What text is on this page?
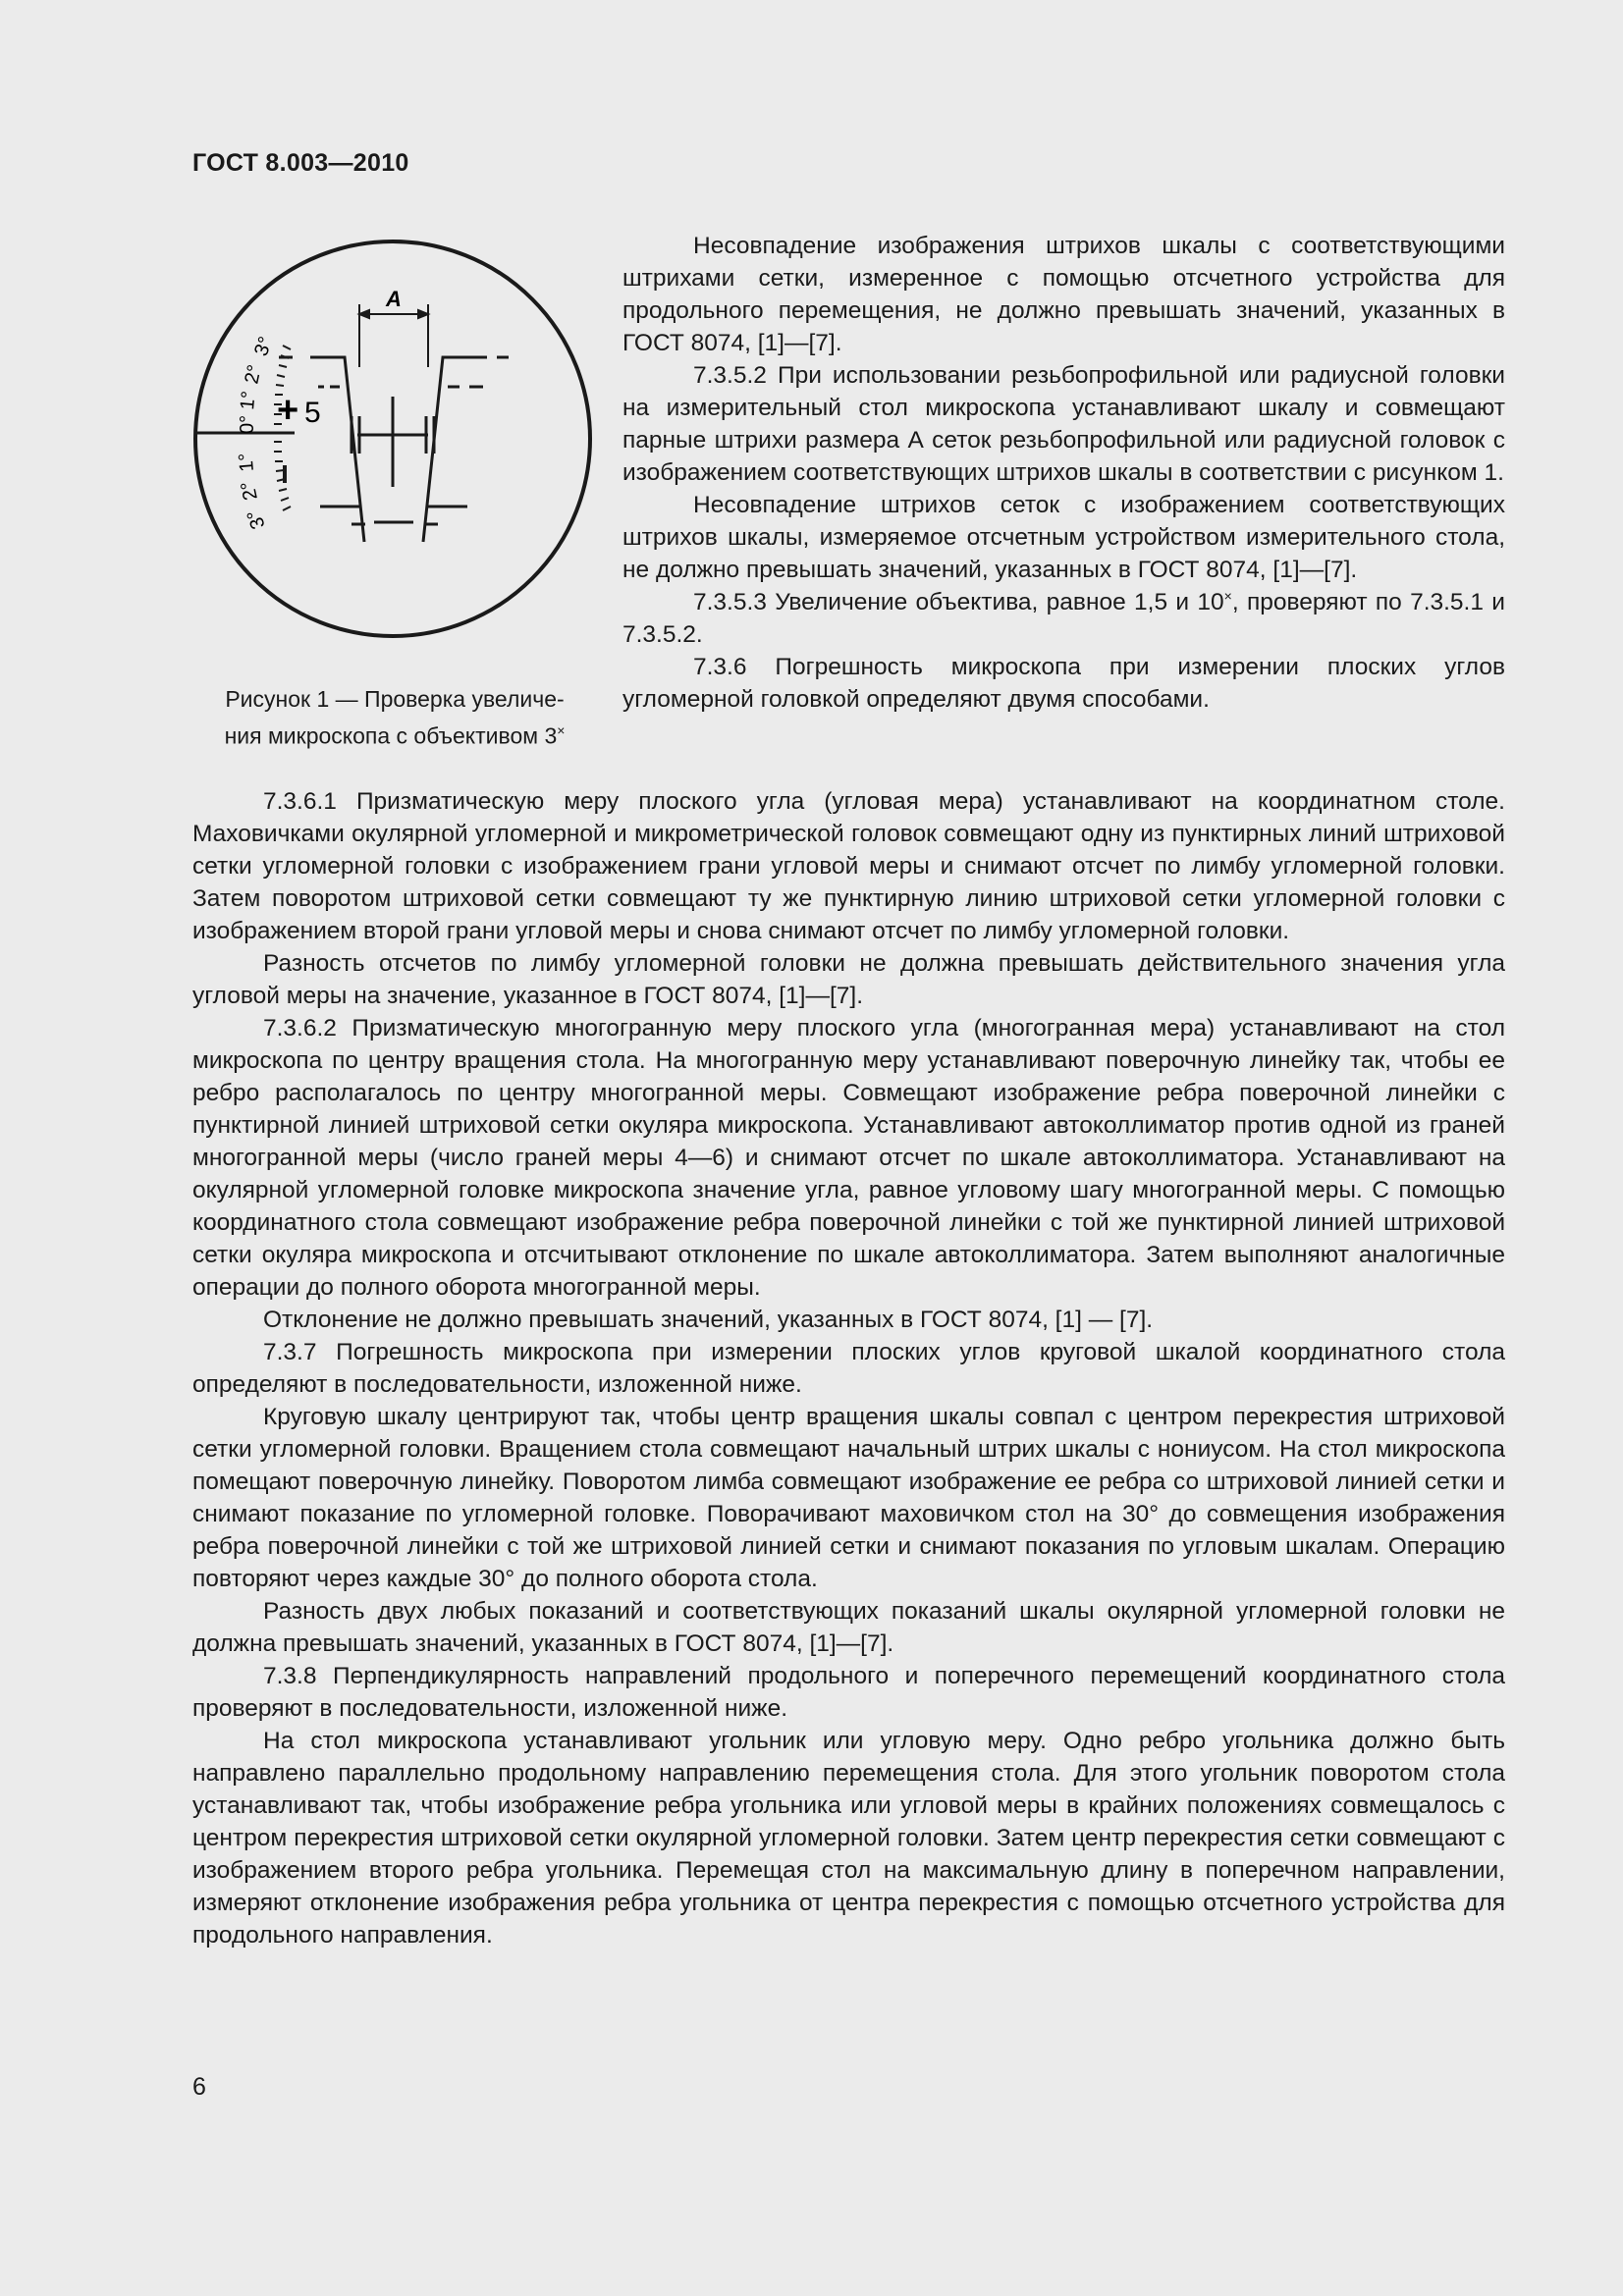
ГОСТ 8.003—2010
3°
2°
1°
0°
1°
2°
3°
+ 5
А
Рисунок 1 — Проверка увеличе-
ния микроскопа с объективом 3×

Несовпадение изображения штрихов шкалы с соответствующими штрихами сетки, измеренное с помощью отсчетного устройства для продольного перемещения, не должно превышать значений, указанных в ГОСТ 8074, [1]—[7].

7.3.5.2 При использовании резьбопрофильной или радиусной головки на измерительный стол микроскопа устанавливают шкалу и совмещают парные штрихи размера А сеток резьбопрофильной или радиусной головок с изображением соответствующих штрихов шкалы в соответствии с рисунком 1.

Несовпадение штрихов сеток с изображением соответствующих штрихов шкалы, измеряемое отсчетным устройством измерительного стола, не должно превышать значений, указанных в ГОСТ 8074, [1]—[7].

7.3.5.3 Увеличение объектива, равное 1,5 и 10×, проверяют по 7.3.5.1 и 7.3.5.2.

7.3.6 Погрешность микроскопа при измерении плоских углов угломерной головкой определяют двумя способами.

7.3.6.1 Призматическую меру плоского угла (угловая мера) устанавливают на координатном столе. Маховичками окулярной угломерной и микрометрической головок совмещают одну из пунктирных линий штриховой сетки угломерной головки с изображением грани угловой меры и снимают отсчет по лимбу угломерной головки. Затем поворотом штриховой сетки совмещают ту же пунктирную линию штриховой сетки угломерной головки с изображением второй грани угловой меры и снова снимают отсчет по лимбу угломерной головки.

Разность отсчетов по лимбу угломерной головки не должна превышать действительного значения угла угловой меры на значение, указанное в ГОСТ 8074, [1]—[7].

7.3.6.2 Призматическую многогранную меру плоского угла (многогранная мера) устанавливают на стол микроскопа по центру вращения стола. На многогранную меру устанавливают поверочную линейку так, чтобы ее ребро располагалось по центру многогранной меры. Совмещают изображение ребра поверочной линейки с пунктирной линией штриховой сетки окуляра микроскопа. Устанавливают автоколлиматор против одной из граней многогранной меры (число граней меры 4—6) и снимают отсчет по шкале автоколлиматора. Устанавливают на окулярной угломерной головке микроскопа значение угла, равное угловому шагу многогранной меры. С помощью координатного стола совмещают изображение ребра поверочной линейки с той же пунктирной линией штриховой сетки окуляра микроскопа и отсчитывают отклонение по шкале автоколлиматора. Затем выполняют аналогичные операции до полного оборота многогранной меры.

Отклонение не должно превышать значений, указанных в ГОСТ 8074, [1] — [7].

7.3.7 Погрешность микроскопа при измерении плоских углов круговой шкалой координатного стола определяют в последовательности, изложенной ниже.

Круговую шкалу центрируют так, чтобы центр вращения шкалы совпал с центром перекрестия штриховой сетки угломерной головки. Вращением стола совмещают начальный штрих шкалы с нониусом. На стол микроскопа помещают поверочную линейку. Поворотом лимба совмещают изображение ее ребра со штриховой линией сетки и снимают показание по угломерной головке. Поворачивают маховичком стол на 30° до совмещения изображения ребра поверочной линейки с той же штриховой линией сетки и снимают показания по угловым шкалам. Операцию повторяют через каждые 30° до полного оборота стола.

Разность двух любых показаний и соответствующих показаний шкалы окулярной угломерной головки не должна превышать значений, указанных в ГОСТ 8074, [1]—[7].

7.3.8 Перпендикулярность направлений продольного и поперечного перемещений координатного стола проверяют в последовательности, изложенной ниже.

На стол микроскопа устанавливают угольник или угловую меру. Одно ребро угольника должно быть направлено параллельно продольному направлению перемещения стола. Для этого угольник поворотом стола устанавливают так, чтобы изображение ребра угольника или угловой меры в крайних положениях совмещалось с центром перекрестия штриховой сетки окулярной угломерной головки. Затем центр перекрестия сетки совмещают с изображением второго ребра угольника. Перемещая стол на максимальную длину в поперечном направлении, измеряют отклонение изображения ребра угольника от центра перекрестия с помощью отсчетного устройства для продольного направления.

6
